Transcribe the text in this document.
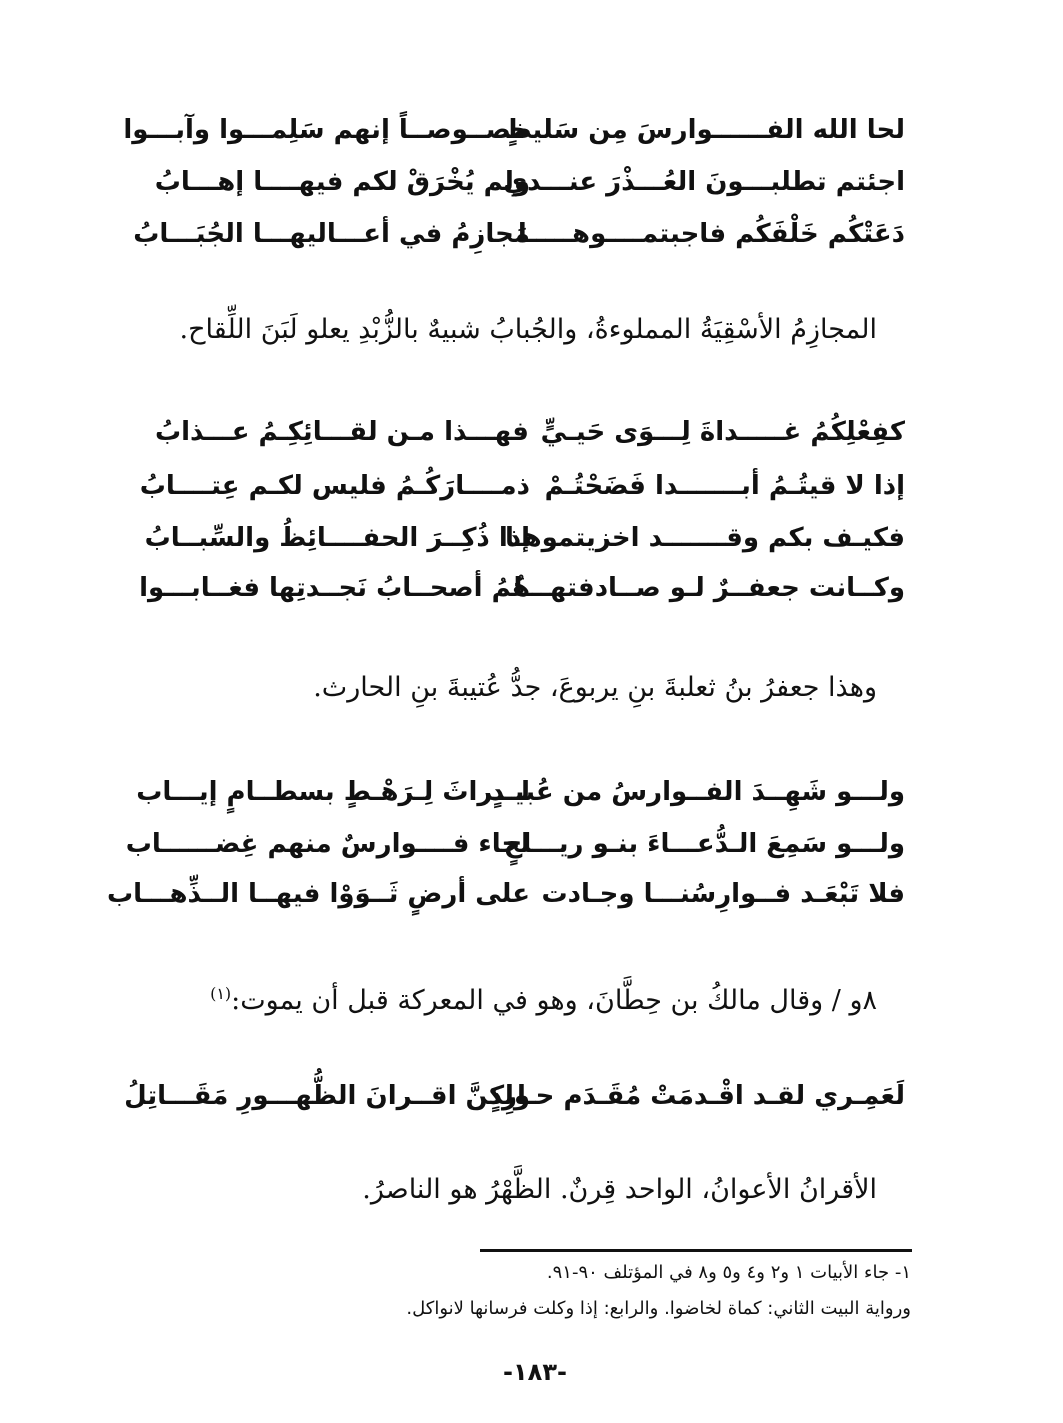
لحا الله الفــــــوارسَ مِن سَليطٍ
خصــوصــاً إنهم سَلِمـــوا وآبـــوا
اجئتم تطلبـــونَ العُـــذْرَ عنـــدي
ولم يُخْرَقْ لكم فيهــــا إهـــابُ
دَعَتْكُم خَلْفَكُم فاجبتمــــوهـــــا
مَجازِمُ في أعـــاليهـــا الجُبَـــابُ
المجازِمُ الأسْقِيَةُ المملوءةُ، والجُبابُ شبيهٌ بالزُّبْدِ يعلو لَبَنَ اللِّقاح.
كفِعْلِكُمُ غـــــداةَ لِـــوَى حَيـيٍّ
فهـــذا مـن لقـــائِكِـمُ عـــذابُ
إذا لا قيتُـمُ أبـــــــدا فَضَحْتُـمْ
ذمــــارَكُـمُ فليس لكـم عِتــــابُ
فكيـف بكم وقـــــــد اخزيتموهـا
إذا ذُكِــرَ الحفــــائِظُ والسِّبــابُ
وكــانت جعفــرٌ لـو صــادفتهـــا
هُمُ أصحــابُ نَجــدتِها فغــابـــوا
وهذا جعفرُ بنُ ثعلبةَ بنِ يربوعَ، جدُّ عُتيبةَ بنِ الحارث.
ولـــو شَهِــدَ الفــوارسُ من عُبيـدٍ
لـــراثَ لِـرَهْـطٍ بسطــامٍ إيـــاب
ولـــو سَمِعَ الـدُّعـــاءَ بنـو ريـــاحٍ
لجاء فــــوارسٌ منهم غِضــــــاب
فلا تَبْعَـد فــوارِسُنـــا وجـادت
على أرضٍ ثَــوَوْا فيهــا الــذِّهـــاب
٨و / وقال مالكُ بن حِطَّانَ، وهو في المعركة قبل أن يموت:$^{(١)}$
لَعَمِـري لقـد اقْـدمَتْ مُقَـدَم حـارِدٍ
ولكنَّ اقــرانَ الظُّهـــورِ مَقَـــاتِلُ
الأقرانُ الأعوانُ، الواحد قِرنٌ. الظَّهْرُ هو الناصرُ.
١- جاء الأبيات ١ و٢ و٤ و٥ و٨ في المؤتلف ٩٠-٩١.
ورواية البيت الثاني: كماة لخاضوا. والرابع: إذا وكلت فرسانها لانواكل.
-١٨٣-
